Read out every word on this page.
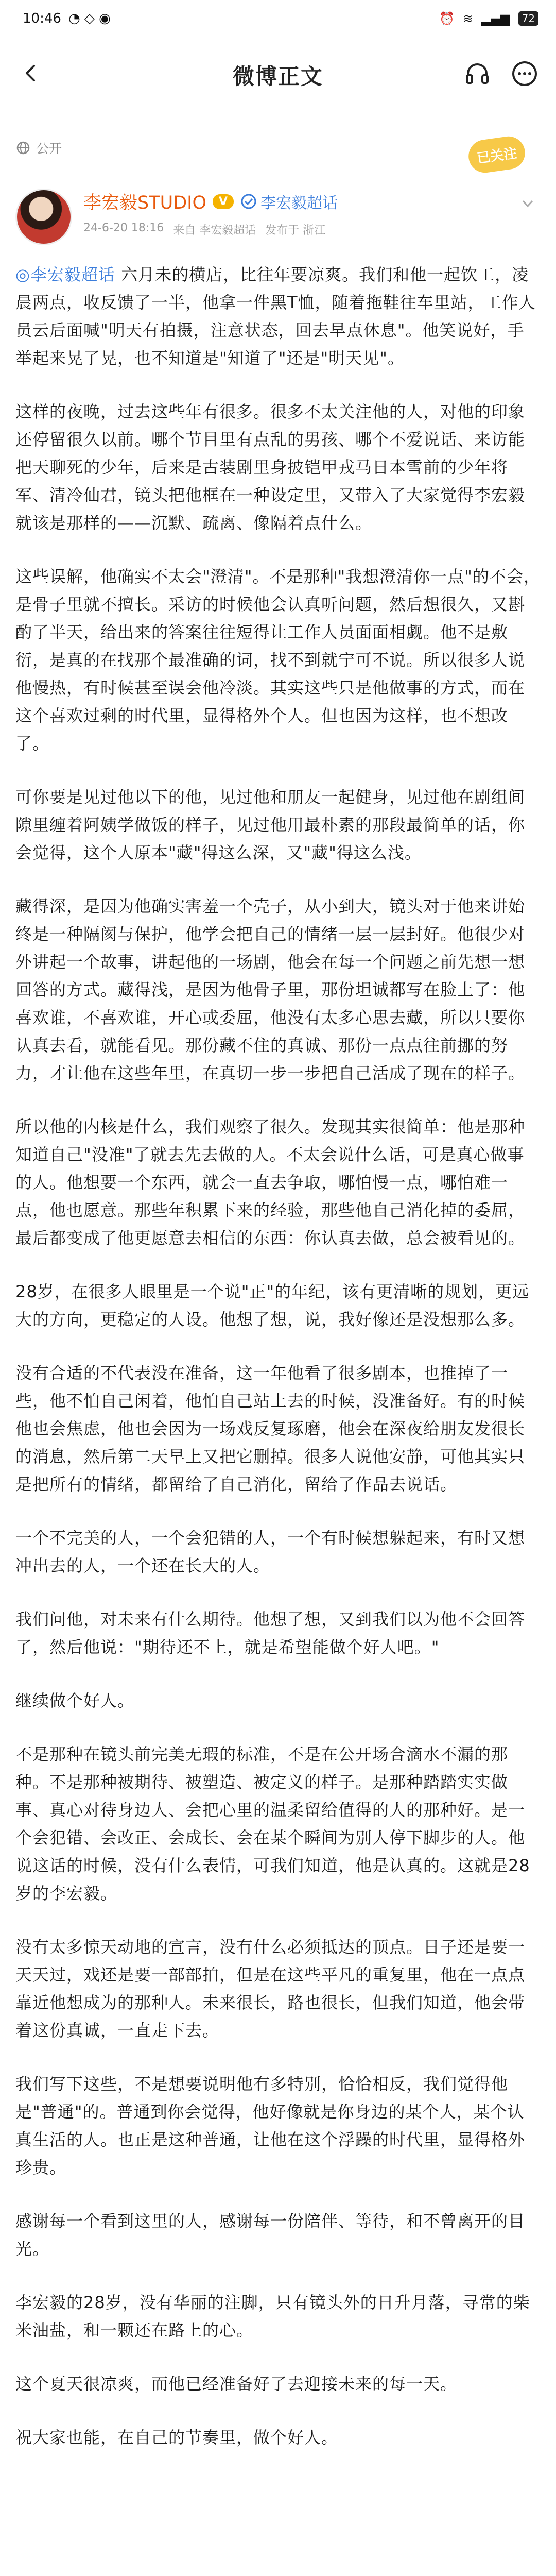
10:46 ◔ ◇ ◉	⏰ ≋ ▂▄▆	72
微博正文
公开	已关注
李宏毅STUDIO	V	李宏毅超话
24-6-20 18:16 来自 李宏毅超话 发布于 浙江

◎李宏毅超话 六月未的横店，比往年要凉爽。我们和他一起饮工，凌晨两点，收反馈了一半，他拿一件黑T恤，随着拖鞋往车里站，工作人员云后面喊"明天有拍摄，注意状态，回去早点休息"。他笑说好，手举起来晃了晃，也不知道是"知道了"还是"明天见"。

这样的夜晚，过去这些年有很多。很多不太关注他的人，对他的印象还停留很久以前。哪个节目里有点乱的男孩、哪个不爱说话、来访能把天聊死的少年，后来是古装剧里身披铠甲戎马日本雪前的少年将军、清冷仙君，镜头把他框在一种设定里，又带入了大家觉得李宏毅就该是那样的——沉默、疏离、像隔着点什么。

这些误解，他确实不太会"澄清"。不是那种"我想澄清你一点"的不会，是骨子里就不擅长。采访的时候他会认真听问题，然后想很久，又斟酌了半天，给出来的答案往往短得让工作人员面面相觑。他不是敷衍，是真的在找那个最准确的词，找不到就宁可不说。所以很多人说他慢热，有时候甚至误会他冷淡。其实这些只是他做事的方式，而在这个喜欢过剩的时代里，显得格外个人。但也因为这样，也不想改了。

可你要是见过他以下的他，见过他和朋友一起健身，见过他在剧组间隙里缠着阿姨学做饭的样子，见过他用最朴素的那段最简单的话，你会觉得，这个人原本"藏"得这么深，又"藏"得这么浅。

藏得深，是因为他确实害羞一个壳子，从小到大，镜头对于他来讲始终是一种隔阂与保护，他学会把自己的情绪一层一层封好。他很少对外讲起一个故事，讲起他的一场剧，他会在每一个问题之前先想一想回答的方式。藏得浅，是因为他骨子里，那份坦诚都写在脸上了：他喜欢谁，不喜欢谁，开心或委屈，他没有太多心思去藏，所以只要你认真去看，就能看见。那份藏不住的真诚、那份一点点往前挪的努力，才让他在这些年里，在真切一步一步把自己活成了现在的样子。

所以他的内核是什么，我们观察了很久。发现其实很简单：他是那种知道自己"没准"了就去先去做的人。不太会说什么话，可是真心做事的人。他想要一个东西，就会一直去争取，哪怕慢一点，哪怕难一点，他也愿意。那些年积累下来的经验，那些他自己消化掉的委屈，最后都变成了他更愿意去相信的东西：你认真去做，总会被看见的。

28岁，在很多人眼里是一个说"正"的年纪，该有更清晰的规划，更远大的方向，更稳定的人设。他想了想，说，我好像还是没想那么多。

没有合适的不代表没在准备，这一年他看了很多剧本，也推掉了一些，他不怕自己闲着，他怕自己站上去的时候，没准备好。有的时候他也会焦虑，他也会因为一场戏反复琢磨，他会在深夜给朋友发很长的消息，然后第二天早上又把它删掉。很多人说他安静，可他其实只是把所有的情绪，都留给了自己消化，留给了作品去说话。

一个不完美的人，一个会犯错的人，一个有时候想躲起来，有时又想冲出去的人，一个还在长大的人。

我们问他，对未来有什么期待。他想了想，又到我们以为他不会回答了，然后他说："期待还不上，就是希望能做个好人吧。"

继续做个好人。

不是那种在镜头前完美无瑕的标准，不是在公开场合滴水不漏的那种。不是那种被期待、被塑造、被定义的样子。是那种踏踏实实做事、真心对待身边人、会把心里的温柔留给值得的人的那种好。是一个会犯错、会改正、会成长、会在某个瞬间为别人停下脚步的人。他说这话的时候，没有什么表情，可我们知道，他是认真的。这就是28岁的李宏毅。

没有太多惊天动地的宣言，没有什么必须抵达的顶点。日子还是要一天天过，戏还是要一部部拍，但是在这些平凡的重复里，他在一点点靠近他想成为的那种人。未来很长，路也很长，但我们知道，他会带着这份真诚，一直走下去。

我们写下这些，不是想要说明他有多特别，恰恰相反，我们觉得他是"普通"的。普通到你会觉得，他好像就是你身边的某个人，某个认真生活的人。也正是这种普通，让他在这个浮躁的时代里，显得格外珍贵。

感谢每一个看到这里的人，感谢每一份陪伴、等待，和不曾离开的目光。

李宏毅的28岁，没有华丽的注脚，只有镜头外的日升月落，寻常的柴米油盐，和一颗还在路上的心。

这个夏天很凉爽，而他已经准备好了去迎接未来的每一天。

祝大家也能，在自己的节奏里，做个好人。
